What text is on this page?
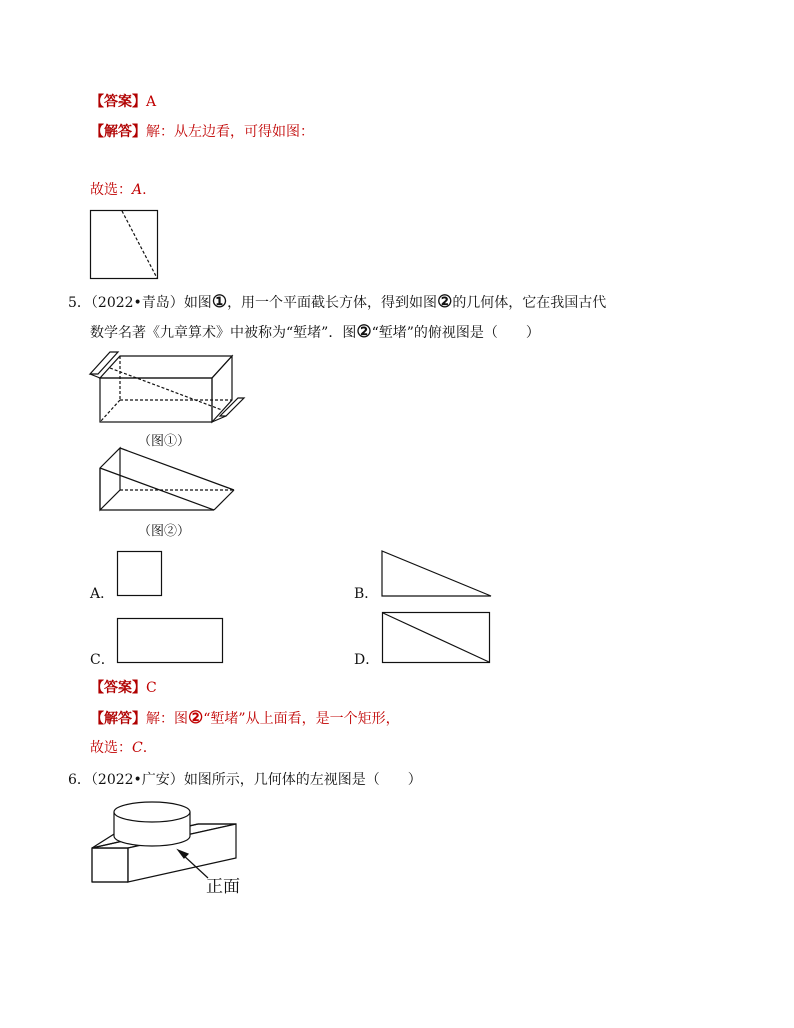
【答案】A
【解答】解：从左边看，可得如图：
故选：A.
5．（2022•青岛）如图①，用一个平面截长方体，得到如图②的几何体，它在我国古代
数学名著《九章算术》中被称为“堑堵”．图②“堑堵”的俯视图是（　　）
（图①）
（图②）
A．	B．
C．	D．
【答案】C
【解答】解：图②“堑堵”从上面看，是一个矩形，
故选：C.
6．（2022•广安）如图所示，几何体的左视图是（　　）
正面
